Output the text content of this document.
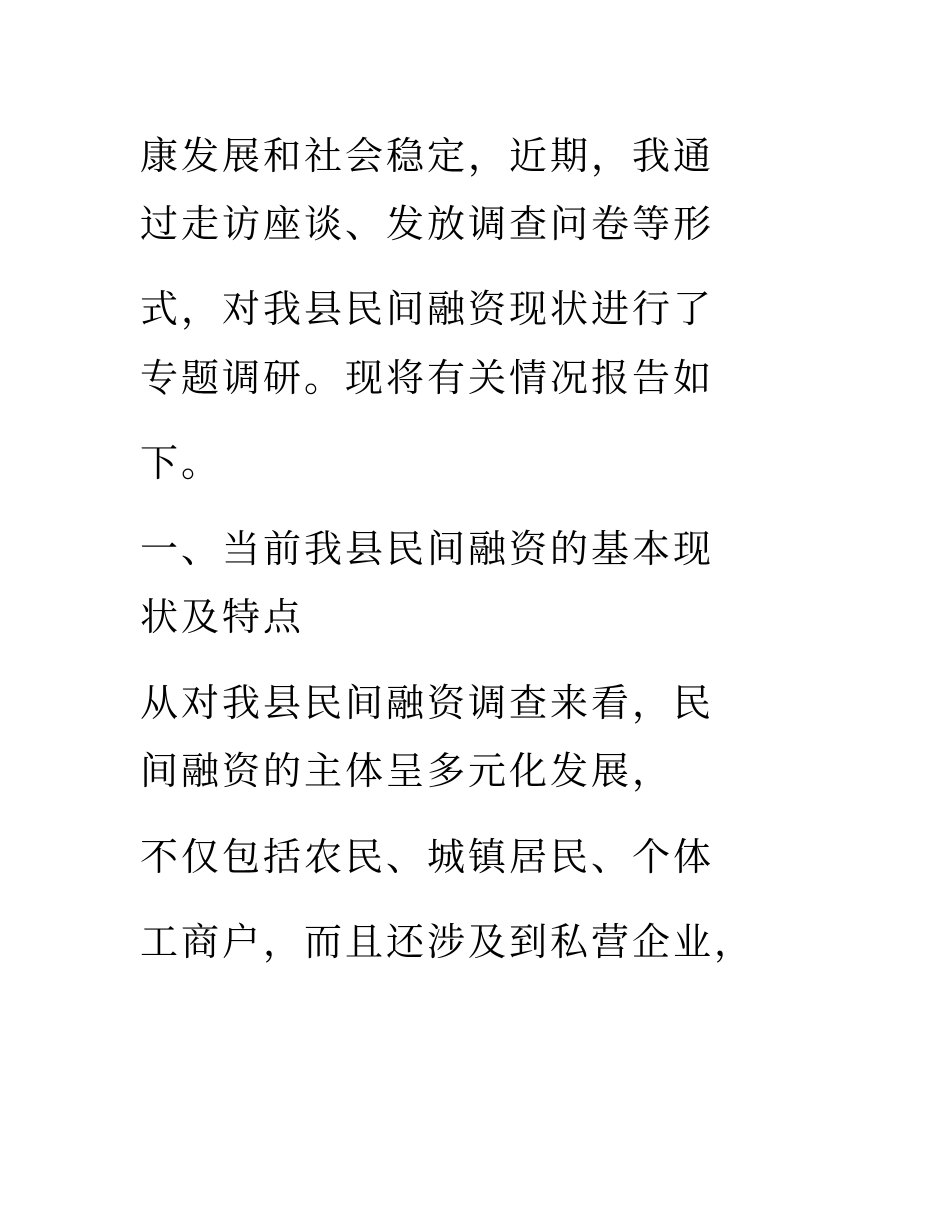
康发展和社会稳定，近期，我通
过走访座谈、发放调查问卷等形
式，对我县民间融资现状进行了
专题调研。现将有关情况报告如
下。
一、当前我县民间融资的基本现
状及特点
从对我县民间融资调查来看，民
间融资的主体呈多元化发展，
不仅包括农民、城镇居民、个体
工商户，而且还涉及到私营企业，
